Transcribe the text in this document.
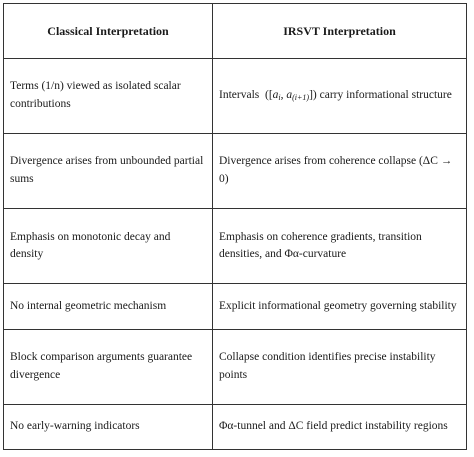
Classical Interpretation	IRSVT Interpretation
Terms (1/n) viewed as isolated scalar contributions	Intervals ([$a_i$, $a_{(i+1)}$]) carry informational structure
Divergence arises from unbounded partial sums	Divergence arises from coherence collapse (ΔC → 0)
Emphasis on monotonic decay and density	Emphasis on coherence gradients, transition densities, and Φα-curvature
No internal geometric mechanism	Explicit informational geometry governing stability
Block comparison arguments guarantee divergence	Collapse condition identifies precise instability points
No early-warning indicators	Φα-tunnel and ΔC field predict instability regions
